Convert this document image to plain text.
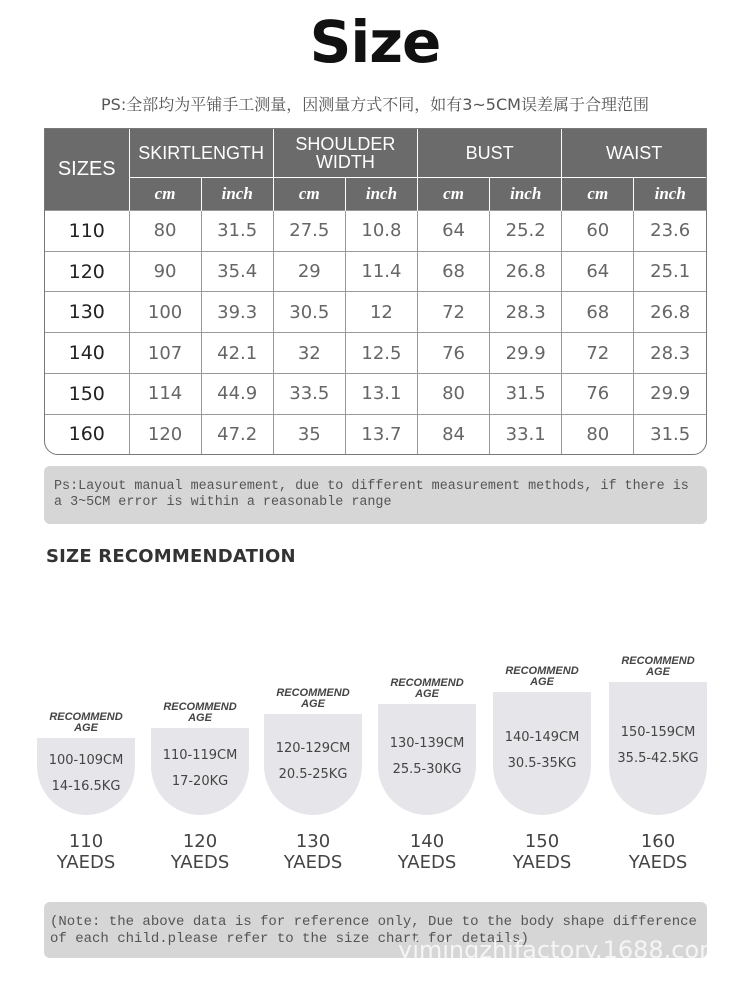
Size
PS:全部均为平铺手工测量，因测量方式不同，如有3~5CM误差属于合理范围
SIZES	SKIRTLENGTH		SHOULDER WIDTH		BUST		WAIST	
	cm	inch	cm	inch	cm	inch	cm	inch
110	80	31.5	27.5	10.8	64	25.2	60	23.6
120	90	35.4	29	11.4	68	26.8	64	25.1
130	100	39.3	30.5	12	72	28.3	68	26.8
140	107	42.1	32	12.5	76	29.9	72	28.3
150	114	44.9	33.5	13.1	80	31.5	76	29.9
160	120	47.2	35	13.7	84	33.1	80	31.5
Ps:Layout manual measurement, due to different measurement methods, if there is a 3~5CM error is within a reasonable range
SIZE RECOMMENDATION
RECOMMEND
AGE
100-109CM
14-16.5KG
110
YAEDS
RECOMMEND
AGE
110-119CM
17-20KG
120
YAEDS
RECOMMEND
AGE
120-129CM
20.5-25KG
130
YAEDS
RECOMMEND
AGE
130-139CM
25.5-30KG
140
YAEDS
RECOMMEND
AGE
140-149CM
30.5-35KG
150
YAEDS
RECOMMEND
AGE
150-159CM
35.5-42.5KG
160
YAEDS
(Note: the above data is for reference only, Due to the body shape difference of each child.please refer to the size chart for details)
yimingzhifactory.1688.com
